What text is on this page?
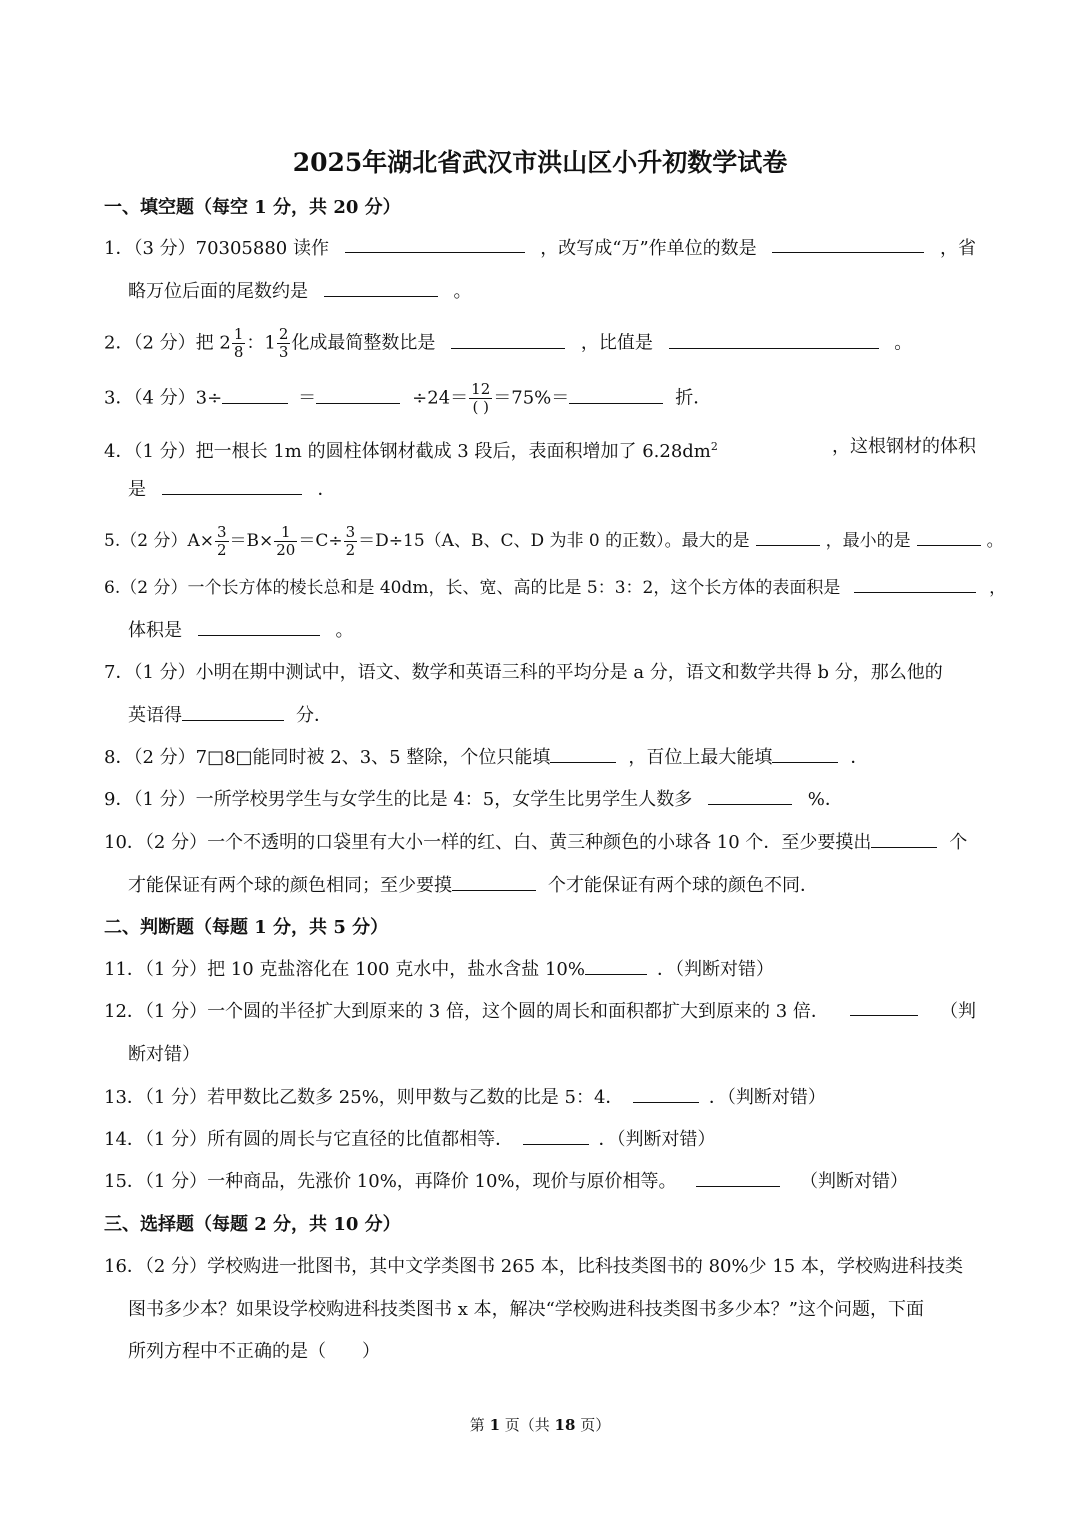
2025年湖北省武汉市洪山区小升初数学试卷
一、填空题（每空 1 分，共 20 分）
1．（3 分）70305880 读作	，改写成“万”作单位的数是	，省
略万位后面的尾数约是	。
2．（2 分）把 $2 \frac{1}{8}$ ：$1 \frac{2}{3}$ 化成最简整数比是	，比值是	。
3．（4 分）3÷	＝	$\div 24= \frac{12}{( )} =75\%=$	折．
4．（1 分）把一根长 1m 的圆柱体钢材截成 3 段后，表面积增加了 $6.28dm^2$	，这根钢材的体积
是	．
5.（2 分）$A\times \frac{3}{2} =B\times \frac{1}{20} =C\div \frac{3}{2} =D\div 15(A$、B、C、D 为非 0 的正数）。最大的是	，最小的是	。
6.（2 分）一个长方体的棱长总和是 40dm，长、宽、高的比是 5：3：2，这个长方体的表面积是	，
体积是	。
7．（1 分）小明在期中测试中，语文、数学和英语三科的平均分是 a 分，语文和数学共得 b 分，那么他的
英语得	分．
8．（2 分）7□8□能同时被 2、3、5 整除，个位只能填	，百位上最大能填	．
9．（1 分）一所学校男学生与女学生的比是 4：5，女学生比男学生人数多	%．
10．（2 分）一个不透明的口袋里有大小一样的红、白、黄三种颜色的小球各 10 个．至少要摸出	个
才能保证有两个球的颜色相同；至少要摸	个才能保证有两个球的颜色不同．
二、判断题（每题 1 分，共 5 分）
11．（1 分）把 10 克盐溶化在 100 克水中，盐水含盐 10%	．（判断对错）
12．（1 分）一个圆的半径扩大到原来的 3 倍，这个圆的周长和面积都扩大到原来的 3 倍．	（判
断对错）
13．（1 分）若甲数比乙数多 25%，则甲数与乙数的比是 5：4．	．（判断对错）
14．（1 分）所有圆的周长与它直径的比值都相等．	．（判断对错）
15．（1 分）一种商品，先涨价 10%，再降价 10%，现价与原价相等。	（判断对错）
三、选择题（每题 2 分，共 10 分）
16．（2 分）学校购进一批图书，其中文学类图书 265 本，比科技类图书的 80%少 15 本，学校购进科技类
图书多少本？如果设学校购进科技类图书 x 本，解决“学校购进科技类图书多少本？”这个问题，下面
所列方程中不正确的是（　　）
第 1 页（共 18 页）
